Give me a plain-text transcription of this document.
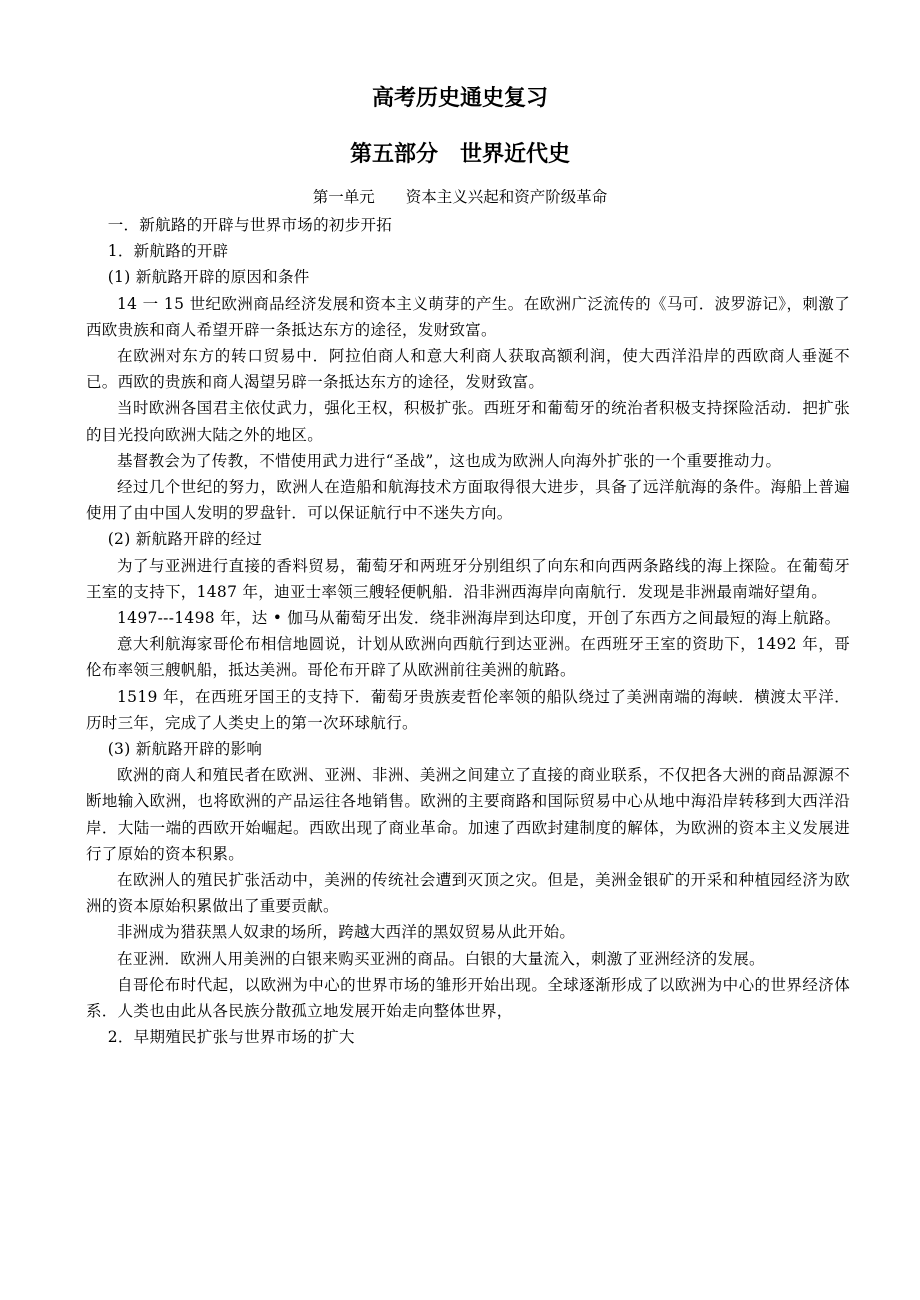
高考历史通史复习
第五部分　世界近代史
第一单元　　资本主义兴起和资产阶级革命

一．新航路的开辟与世界市场的初步开拓

1．新航路的开辟

(1) 新航路开辟的原因和条件

14 一 15 世纪欧洲商品经济发展和资本主义萌芽的产生。在欧洲广泛流传的《马可．波罗游记》，刺激了西欧贵族和商人希望开辟一条抵达东方的途径，发财致富。

在欧洲对东方的转口贸易中．阿拉伯商人和意大利商人获取高额利润，使大西洋沿岸的西欧商人垂涎不已。西欧的贵族和商人渴望另辟一条抵达东方的途径，发财致富。

当时欧洲各国君主依仗武力，强化王权，积极扩张。西班牙和葡萄牙的统治者积极支持探险活动．把扩张的目光投向欧洲大陆之外的地区。

基督教会为了传教，不惜使用武力进行“圣战”，这也成为欧洲人向海外扩张的一个重要推动力。

经过几个世纪的努力，欧洲人在造船和航海技术方面取得很大进步，具备了远洋航海的条件。海船上普遍使用了由中国人发明的罗盘针．可以保证航行中不迷失方向。

(2) 新航路开辟的经过

为了与亚洲进行直接的香料贸易，葡萄牙和两班牙分别组织了向东和向西两条路线的海上探险。在葡萄牙王室的支持下，1487 年，迪亚士率领三艘轻便帆船．沿非洲西海岸向南航行．发现是非洲最南端好望角。

1497---1498 年，达 • 伽马从葡萄牙出发．绕非洲海岸到达印度，开创了东西方之间最短的海上航路。

意大利航海家哥伦布相信地圆说，计划从欧洲向西航行到达亚洲。在西班牙王室的资助下，1492 年，哥伦布率领三艘帆船，抵达美洲。哥伦布开辟了从欧洲前往美洲的航路。

1519 年，在西班牙国王的支持下．葡萄牙贵族麦哲伦率领的船队绕过了美洲南端的海峡．横渡太平洋．历时三年，完成了人类史上的第一次环球航行。

(3) 新航路开辟的影响

欧洲的商人和殖民者在欧洲、亚洲、非洲、美洲之间建立了直接的商业联系，不仅把各大洲的商品源源不断地输入欧洲，也将欧洲的产品运往各地销售。欧洲的主要商路和国际贸易中心从地中海沿岸转移到大西洋沿岸．大陆一端的西欧开始崛起。西欧出现了商业革命。加速了西欧封建制度的解体，为欧洲的资本主义发展进行了原始的资本积累。

在欧洲人的殖民扩张活动中，美洲的传统社会遭到灭顶之灾。但是，美洲金银矿的开采和种植园经济为欧洲的资本原始积累做出了重要贡献。

非洲成为猎获黑人奴隶的场所，跨越大西洋的黑奴贸易从此开始。

在亚洲．欧洲人用美洲的白银来购买亚洲的商品。白银的大量流入，刺激了亚洲经济的发展。

自哥伦布时代起，以欧洲为中心的世界市场的雏形开始出现。全球逐渐形成了以欧洲为中心的世界经济体系．人类也由此从各民族分散孤立地发展开始走向整体世界，

2．早期殖民扩张与世界市场的扩大
